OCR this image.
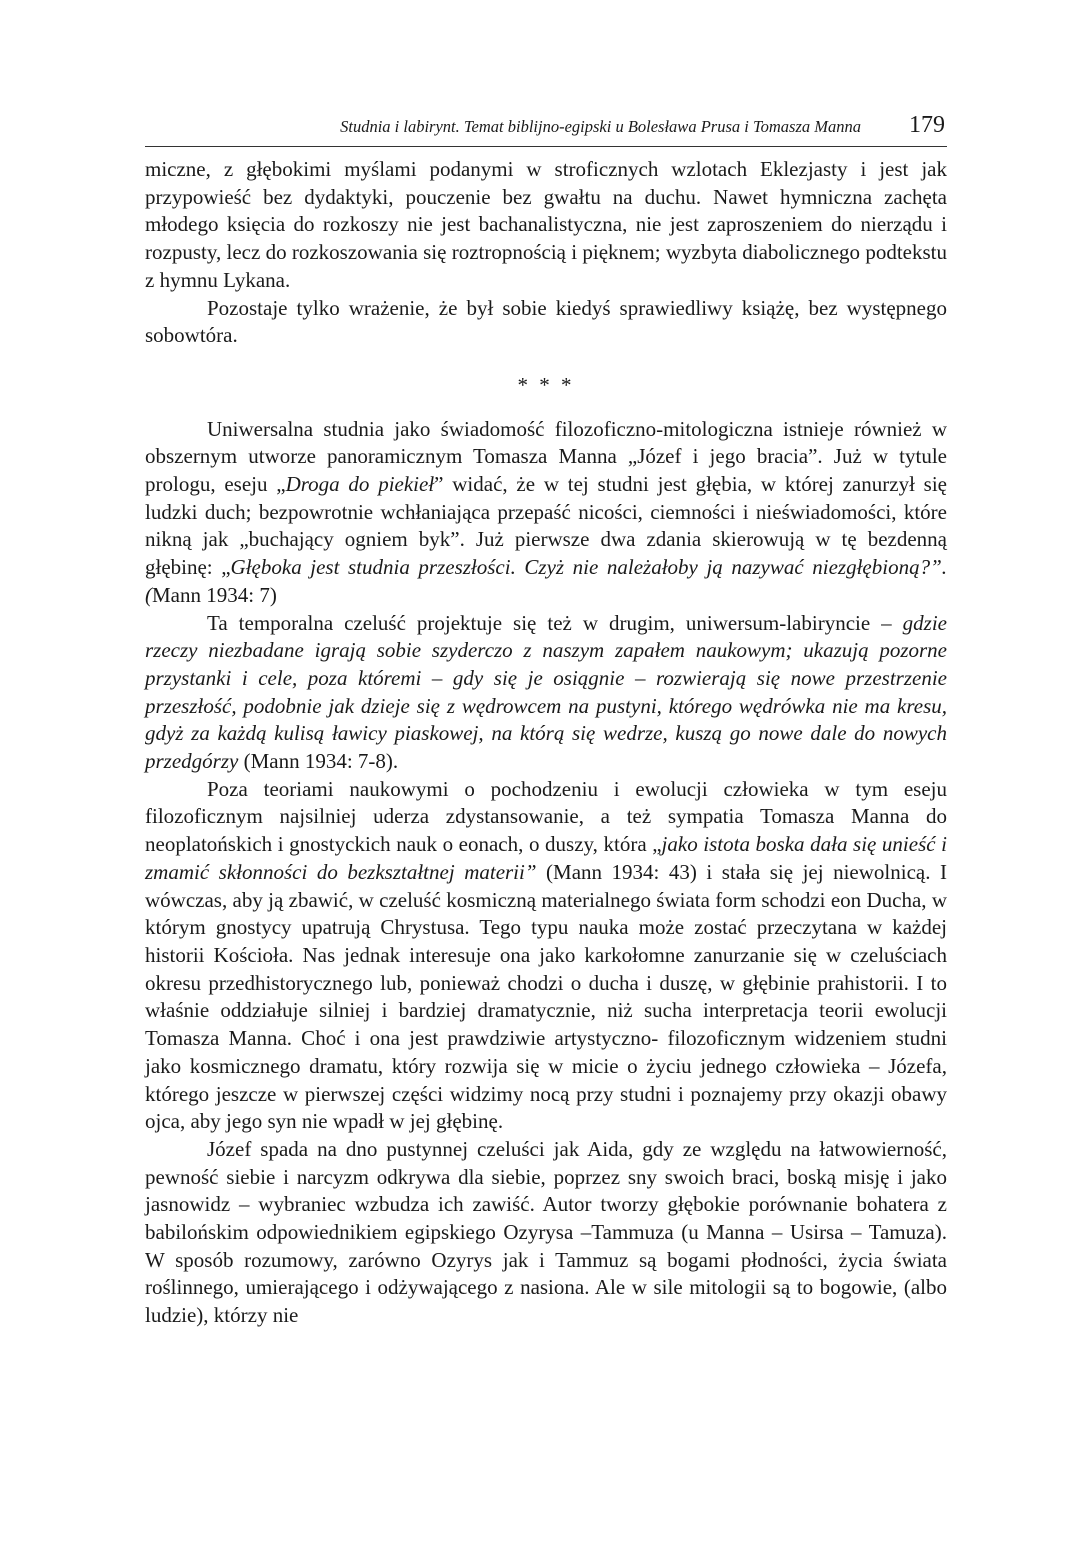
Studnia i labirynt. Temat biblijno-egipski u Bolesława Prusa i Tomasza Manna 179

miczne, z głębokimi myślami podanymi w stroficznych wzlotach Eklezjasty i jest jak przypowieść bez dydaktyki, pouczenie bez gwałtu na duchu. Nawet hymniczna zachęta młodego księcia do rozkoszy nie jest bachanalistyczna, nie jest zaproszeniem do nierządu i rozpusty, lecz do rozkoszowania się roztropnością i pięknem; wyzbyta diabolicznego podtekstu z hymnu Lykana.

Pozostaje tylko wrażenie, że był sobie kiedyś sprawiedliwy książę, bez występnego sobowtóra.

* * *

Uniwersalna studnia jako świadomość filozoficzno-mitologiczna istnieje również w obszernym utworze panoramicznym Tomasza Manna „Józef i jego bracia”. Już w tytule prologu, eseju „Droga do piekieł” widać, że w tej studni jest głębia, w której zanurzył się ludzki duch; bezpowrotnie wchłaniająca przepaść nicości, ciemności i nieświadomości, które nikną jak „buchający ogniem byk”. Już pierwsze dwa zdania skierowują w tę bezdenną głębinę: „Głęboka jest studnia przeszłości. Czyż nie należałoby ją nazywać niezgłębioną?”.(Mann 1934: 7)

Ta temporalna czeluść projektuje się też w drugim, uniwersum-labiryncie – gdzie rzeczy niezbadane igrają sobie szyderczo z naszym zapałem naukowym; ukazują pozorne przystanki i cele, poza któremi – gdy się je osiągnie – rozwierają się nowe przestrzenie przeszłość, podobnie jak dzieje się z wędrowcem na pustyni, którego wędrówka nie ma kresu, gdyż za każdą kulisą ławicy piaskowej, na którą się wedrze, kuszą go nowe dale do nowych przedgórzy (Mann 1934: 7-8).

Poza teoriami naukowymi o pochodzeniu i ewolucji człowieka w tym eseju filozoficznym najsilniej uderza zdystansowanie, a też sympatia Tomasza Manna do neoplatońskich i gnostyckich nauk o eonach, o duszy, która „jako istota boska dała się unieść i zmamić skłonności do bezkształtnej materii” (Mann 1934: 43) i stała się jej niewolnicą. I wówczas, aby ją zbawić, w czeluść kosmiczną materialnego świata form schodzi eon Ducha, w którym gnostycy upatrują Chrystusa. Tego typu nauka może zostać przeczytana w każdej historii Kościoła. Nas jednak interesuje ona jako karkołomne zanurzanie się w czeluściach okresu przedhistorycznego lub, ponieważ chodzi o ducha i duszę, w głębinie prahistorii. I to właśnie oddziałuje silniej i bardziej dramatycznie, niż sucha interpretacja teorii ewolucji Tomasza Manna. Choć i ona jest prawdziwie artystyczno- filozoficznym widzeniem studni jako kosmicznego dramatu, który rozwija się w micie o życiu jednego człowieka – Józefa, którego jeszcze w pierwszej części widzimy nocą przy studni i poznajemy przy okazji obawy ojca, aby jego syn nie wpadł w jej głębinę.

Józef spada na dno pustynnej czeluści jak Aida, gdy ze względu na łatwowierność, pewność siebie i narcyzm odkrywa dla siebie, poprzez sny swoich braci, boską misję i jako jasnowidz – wybraniec wzbudza ich zawiść. Autor tworzy głębokie porównanie bohatera z babilońskim odpowiednikiem egipskiego Ozyrysa –Tammuza (u Manna – Usirsa – Tamuza). W sposób rozumowy, zarówno Ozyrys jak i Tammuz są bogami płodności, życia świata roślinnego, umierającego i odżywającego z nasiona. Ale w sile mitologii są to bogowie, (albo ludzie), którzy nie
